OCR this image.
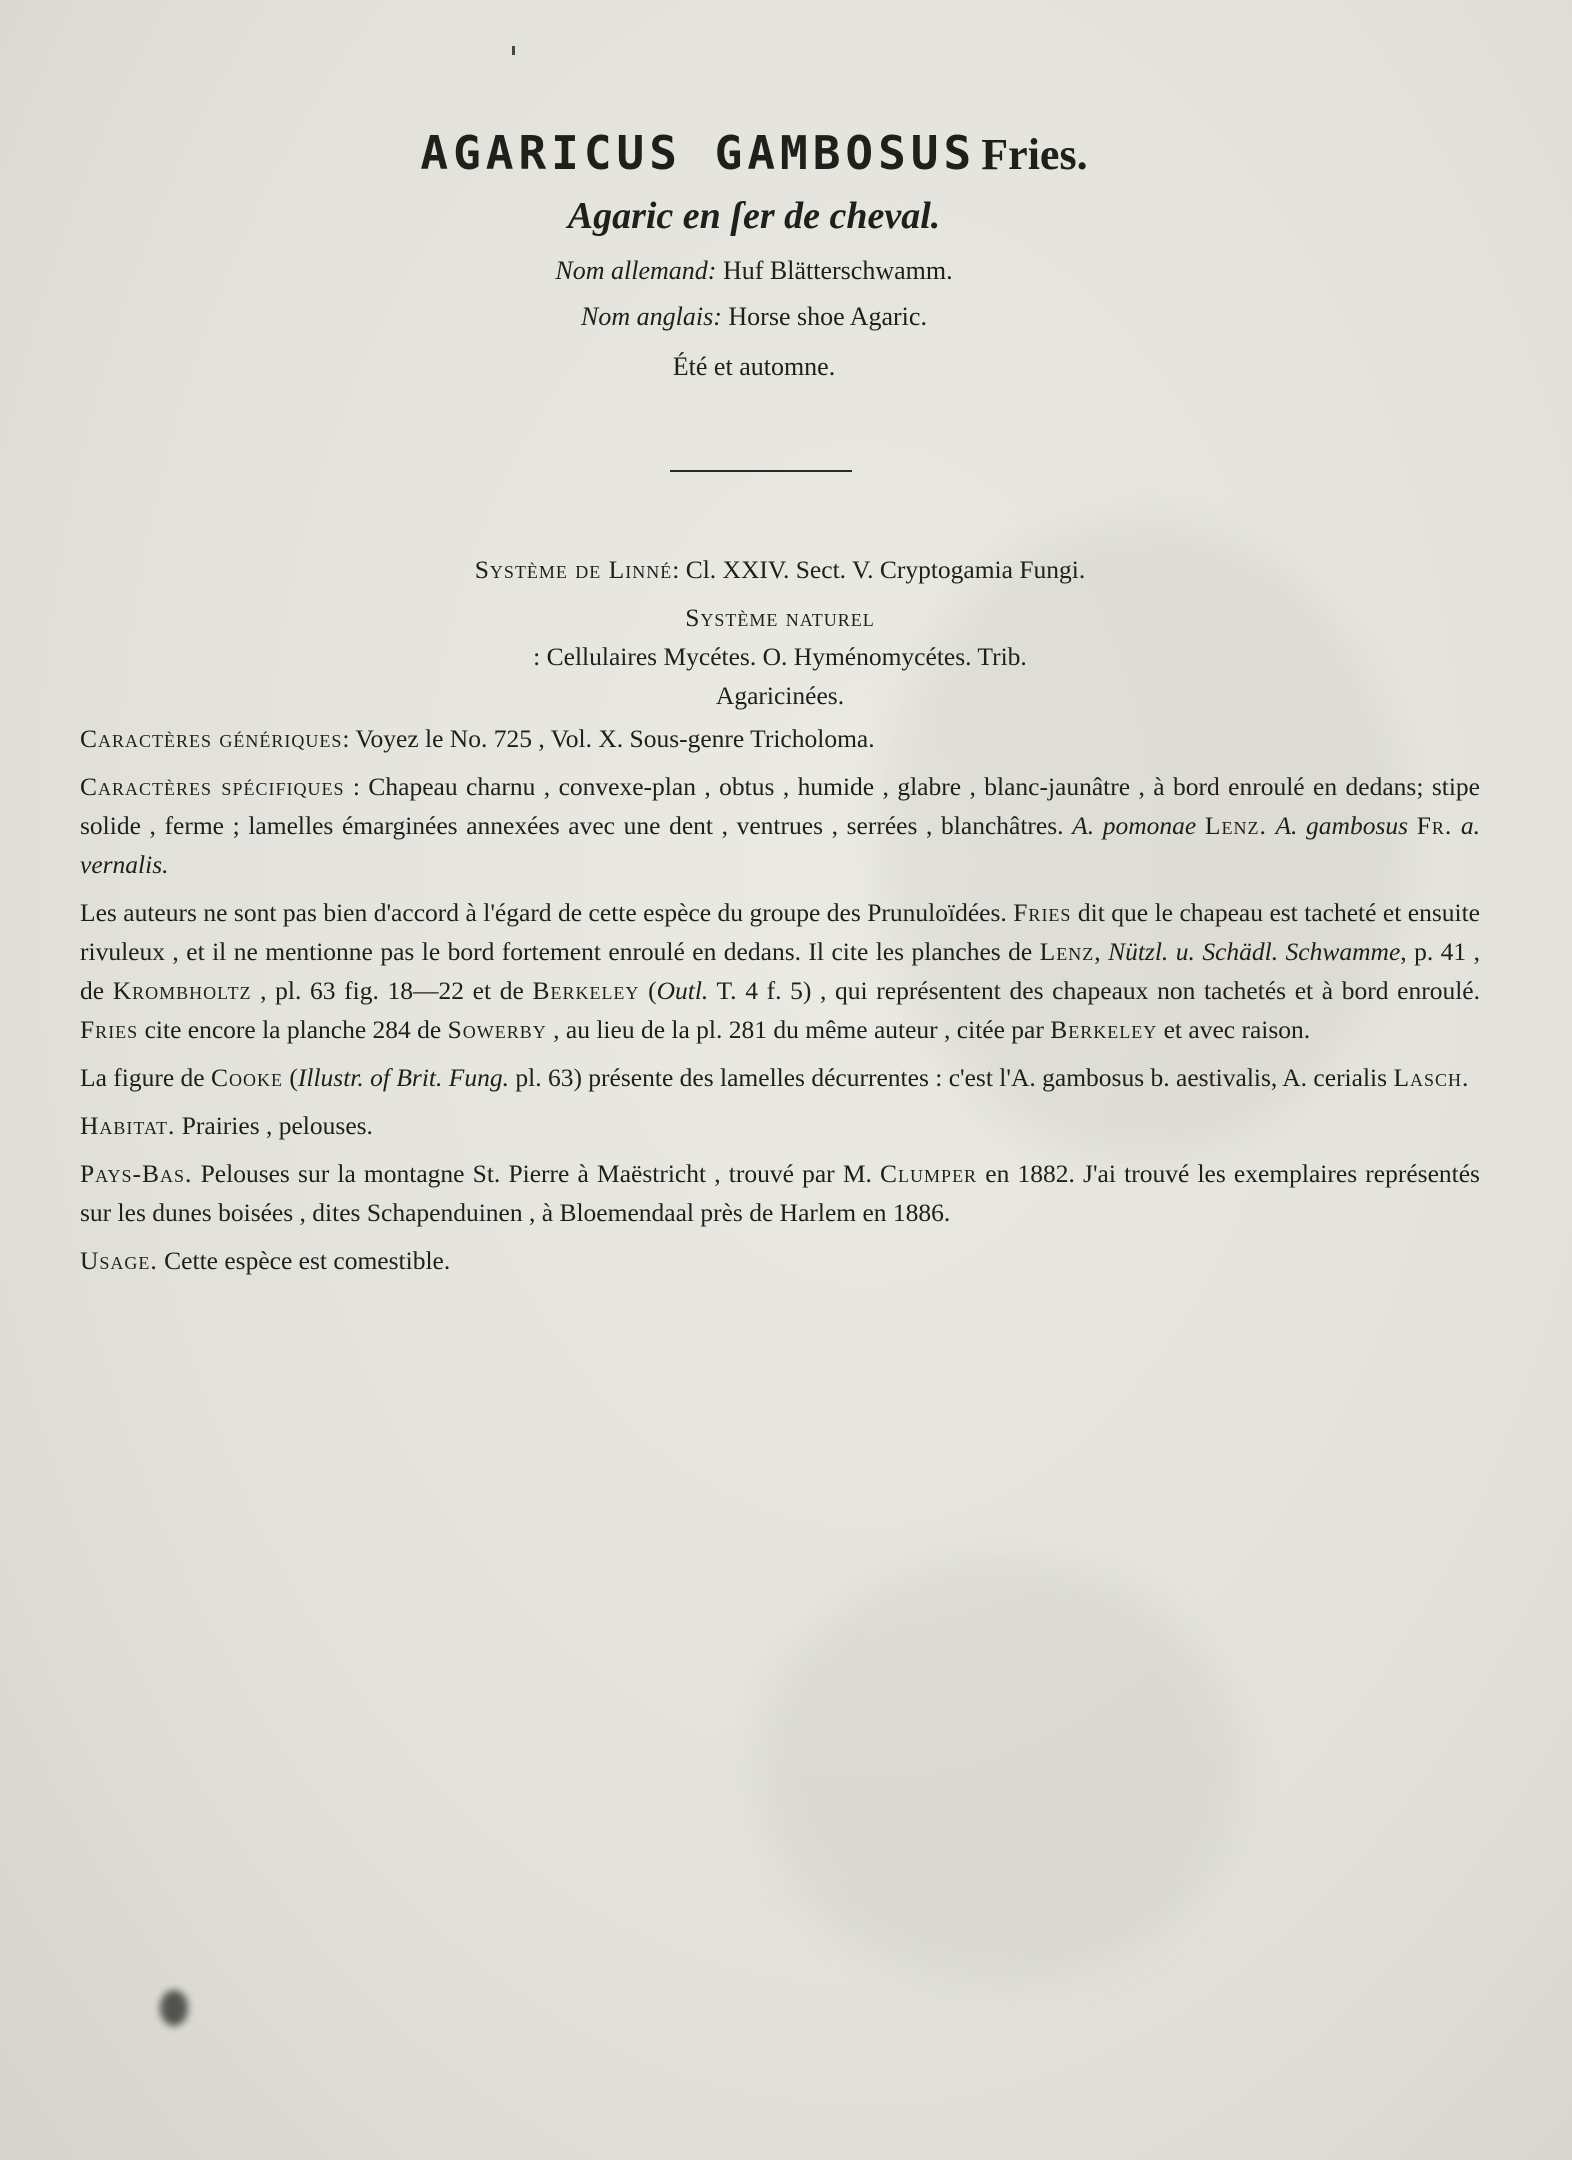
AGARICUS GAMBOSUS Fries.
Agaric en ſer de cheval.
Nom allemand: Huf Blätterschwamm.
Nom anglais: Horse shoe Agaric.
Été et automne.

Système de Linné: Cl. XXIV. Sect. V. Cryptogamia Fungi.

Système naturel
: Cellulaires Mycétes. O. Hyménomycétes. Trib.
Agaricinées.

Caractères génériques: Voyez le No. 725 , Vol. X. Sous-genre Tricholoma.

Caractères spécifiques : Chapeau charnu , convexe-plan , obtus , humide , glabre , blanc-jaunâtre , à bord enroulé en dedans; stipe solide , ferme ; lamelles émarginées annexées avec une dent , ventrues , serrées , blanchâtres. A. pomonae Lenz. A. gambosus Fr. a. vernalis.

Les auteurs ne sont pas bien d'accord à l'égard de cette espèce du groupe des Prunuloïdées. Fries dit que le chapeau est tacheté et ensuite rivuleux , et il ne mentionne pas le bord fortement enroulé en dedans. Il cite les planches de Lenz, Nützl. u. Schädl. Schwamme, p. 41 , de Krombholtz , pl. 63 fig. 18—22 et de Berkeley (Outl. T. 4 f. 5) , qui représentent des chapeaux non tachetés et à bord enroulé. Fries cite encore la planche 284 de Sowerby , au lieu de la pl. 281 du même auteur , citée par Berkeley et avec raison.

La figure de Cooke (Illustr. of Brit. Fung. pl. 63) présente des lamelles décurrentes : c'est l'A. gambosus b. aestivalis, A. cerialis Lasch.

Habitat. Prairies , pelouses.

Pays-Bas. Pelouses sur la montagne St. Pierre à Maëstricht , trouvé par M. Clumper en 1882. J'ai trouvé les exemplaires représentés sur les dunes boisées , dites Schapenduinen , à Bloemendaal près de Harlem en 1886.

Usage. Cette espèce est comestible.
